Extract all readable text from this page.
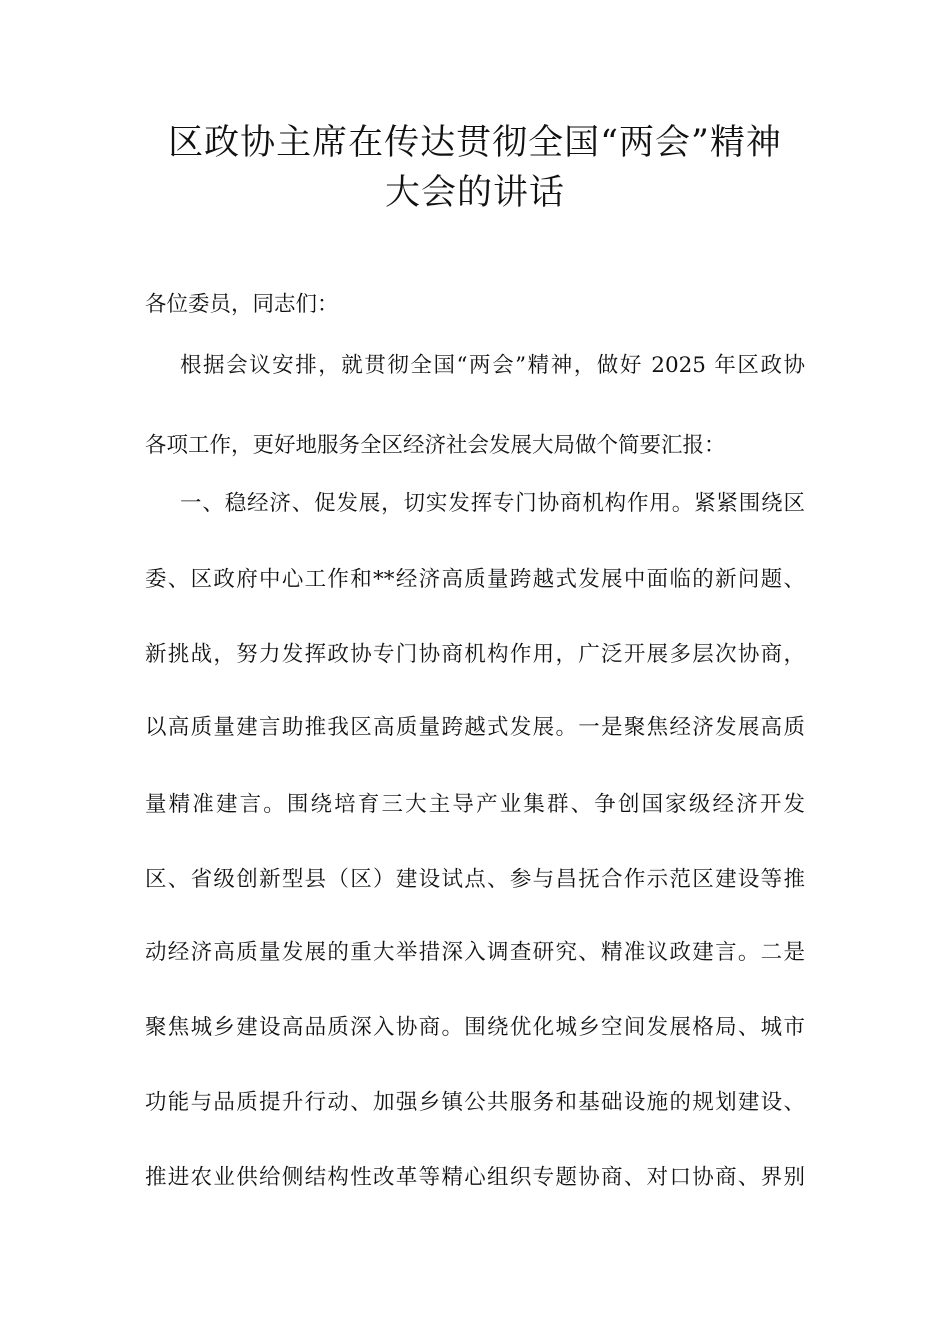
区政协主席在传达贯彻全国“两会”精神
大会的讲话
各位委员，同志们：
根据会议安排，就贯彻全国“两会”精神，做好 2025 年区政协
各项工作，更好地服务全区经济社会发展大局做个简要汇报：
一、稳经济、促发展，切实发挥专门协商机构作用。紧紧围绕区
委、区政府中心工作和**经济高质量跨越式发展中面临的新问题、
新挑战，努力发挥政协专门协商机构作用，广泛开展多层次协商，
以高质量建言助推我区高质量跨越式发展。一是聚焦经济发展高质
量精准建言。围绕培育三大主导产业集群、争创国家级经济开发
区、省级创新型县（区）建设试点、参与昌抚合作示范区建设等推
动经济高质量发展的重大举措深入调查研究、精准议政建言。二是
聚焦城乡建设高品质深入协商。围绕优化城乡空间发展格局、城市
功能与品质提升行动、加强乡镇公共服务和基础设施的规划建设、
推进农业供给侧结构性改革等精心组织专题协商、对口协商、界别
